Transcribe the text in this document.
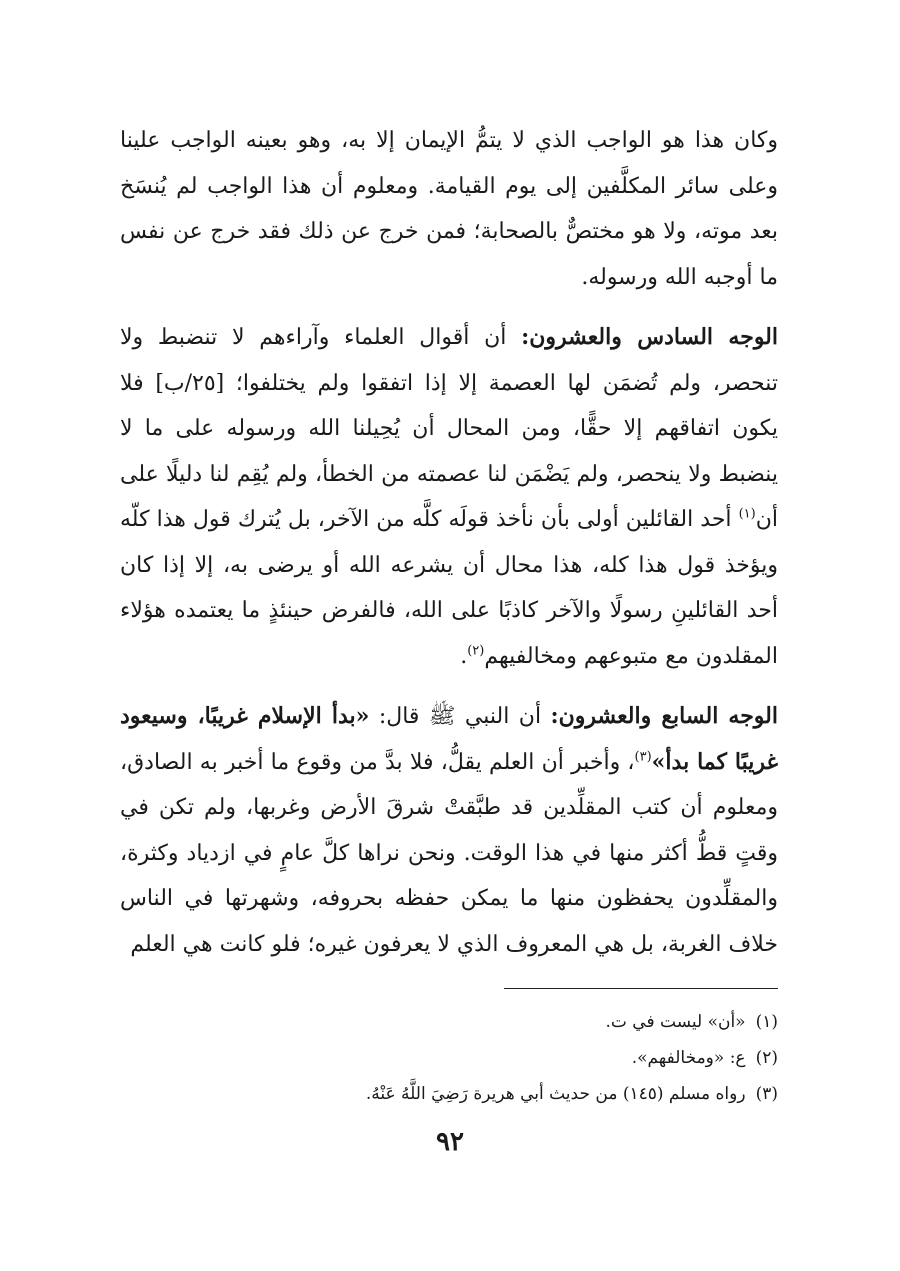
وكان هذا هو الواجب الذي لا يتمُّ الإيمان إلا به، وهو بعينه الواجب علينا وعلى سائر المكلَّفين إلى يوم القيامة. ومعلوم أن هذا الواجب لم يُنسَخ بعد موته، ولا هو مختصٌّ بالصحابة؛ فمن خرج عن ذلك فقد خرج عن نفس ما أوجبه الله ورسوله.

الوجه السادس والعشرون: أن أقوال العلماء وآراءهم لا تنضبط ولا تنحصر، ولم تُضمَن لها العصمة إلا إذا اتفقوا ولم يختلفوا؛ [٢٥/ب] فلا يكون اتفاقهم إلا حقًّا، ومن المحال أن يُحِيلنا الله ورسوله على ما لا ينضبط ولا ينحصر، ولم يَضْمَن لنا عصمته من الخطأ، ولم يُقِم لنا دليلًا على أن$^{(١)}$ أحد القائلين أولى بأن نأخذ قولَه كلَّه من الآخر، بل يُترك قول هذا كلّه ويؤخذ قول هذا كله، هذا محال أن يشرعه الله أو يرضى به، إلا إذا كان أحد القائلينِ رسولًا والآخر كاذبًا على الله، فالفرض حينئذٍ ما يعتمده هؤلاء المقلدون مع متبوعهم ومخالفيهم$^{(٢)}$.

الوجه السابع والعشرون: أن النبي ﷺ قال: «بدأ الإسلام غريبًا، وسيعود غريبًا كما بدأ»$^{(٣)}$، وأخبر أن العلم يقلُّ، فلا بدَّ من وقوع ما أخبر به الصادق، ومعلوم أن كتب المقلِّدين قد طبَّقتْ شرقَ الأرض وغربها، ولم تكن في وقتٍ قطُّ أكثر منها في هذا الوقت. ونحن نراها كلَّ عامٍ في ازدياد وكثرة، والمقلِّدون يحفظون منها ما يمكن حفظه بحروفه، وشهرتها في الناس خلاف الغربة، بل هي المعروف الذي لا يعرفون غيره؛ فلو كانت هي العلم

(١)«أن» ليست في ت.

(٢)ع: «ومخالفهم».

(٣)رواه مسلم (١٤٥) من حديث أبي هريرة رَضِيَ اللَّهُ عَنْهُ.

٩٢
